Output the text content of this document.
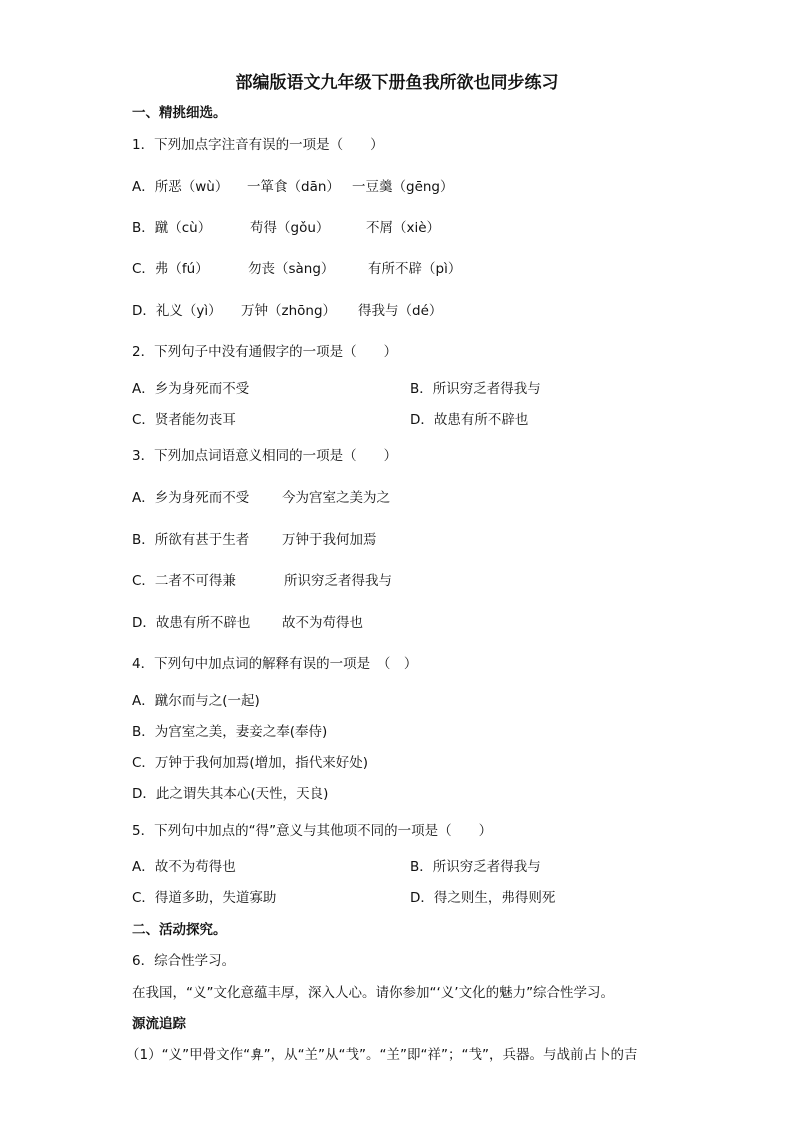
部编版语文九年级下册鱼我所欲也同步练习
一、精挑细选。
1．下列加点字注音有误的一项是（　　）
A．所恶（wù） 一箪食（dān） 一豆羹（gēng）
B．蹴（cù）	苟得（gǒu）	不屑（xiè）
C．弗（fú）	勿丧（sàng） 有所不辟（pì）
D．礼义（yì） 万钟（zhōng） 得我与（dé）
2．下列句子中没有通假字的一项是（　　）
A．乡为身死而不受	B．所识穷乏者得我与
C．贤者能勿丧耳	D．故患有所不辟也
3．下列加点词语意义相同的一项是（　　）
A．乡为身死而不受 今为宫室之美为之
B．所欲有甚于生者 万钟于我何加焉
C．二者不可得兼	所识穷乏者得我与
D．故患有所不辟也 故不为苟得也
4．下列句中加点词的解释有误的一项是　（　）
A．蹴尔而与之(一起)
B．为宫室之美，妻妾之奉(奉侍)
C．万钟于我何加焉(增加，指代来好处)
D．此之谓失其本心(天性，天良)
5．下列句中加点的“得”意义与其他项不同的一项是（　　）
A．故不为苟得也	B．所识穷乏者得我与
C．得道多助，失道寡助	D．得之则生，弗得则死
二、活动探究。
6．综合性学习。
在我国，“义”文化意蕴丰厚，深入人心。请你参加“‘义’文化的魅力”综合性学习。
源流追踪
（1）“义”甲骨文作“𢍂”，从“𦍌”从“𢦏”。“𦍌”即“祥”；“𢦏”，兵器。与战前占卜的吉
